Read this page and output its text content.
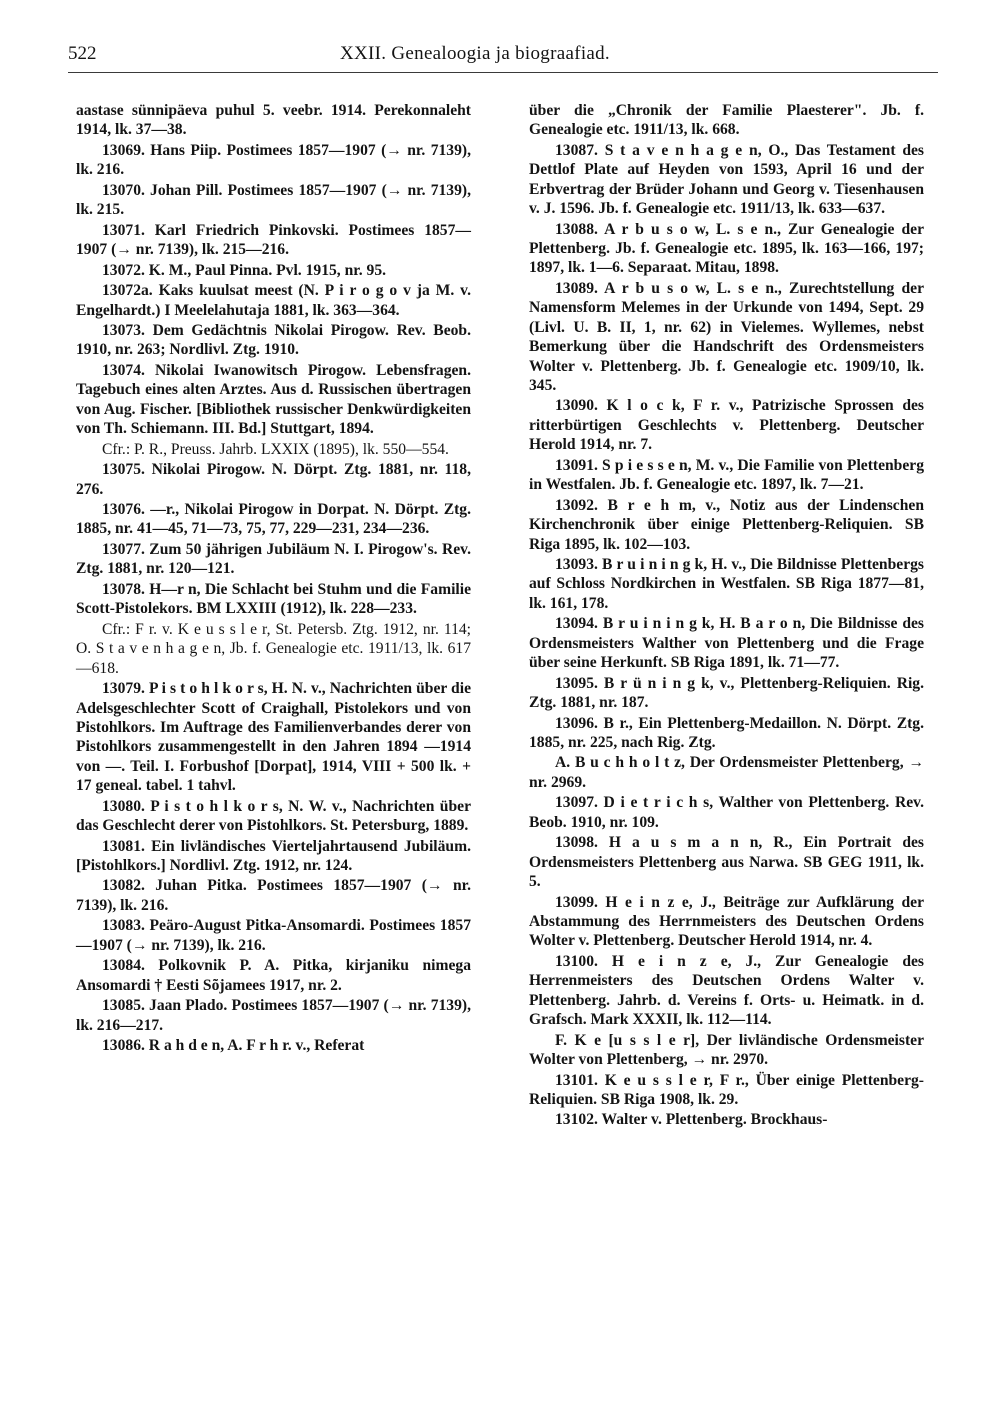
522	XXII. Genealoogia ja biograafiad.

aastase sünnipäeva puhul 5. veebr. 1914. Perekonnaleht 1914, lk. 37—38.

13069. Hans Piip. Postimees 1857—1907 (→ nr. 7139), lk. 216.

13070. Johan Pill. Postimees 1857—1907 (→ nr. 7139), lk. 215.

13071. Karl Friedrich Pinkovski. Postimees 1857—1907 (→ nr. 7139), lk. 215—216.

13072. K. M., Paul Pinna. Pvl. 1915, nr. 95.

13072a. Kaks kuulsat meest (N. P i r o g o v ja M. v. Engelhardt.) I Meelelahutaja 1881, lk. 363—364.

13073. Dem Gedächtnis Nikolai Pirogow. Rev. Beob. 1910, nr. 263; Nordlivl. Ztg. 1910.

13074. Nikolai Iwanowitsch Pirogow. Lebensfragen. Tagebuch eines alten Arztes. Aus d. Russischen übertragen von Aug. Fischer. [Bibliothek russischer Denkwürdigkeiten von Th. Schiemann. III. Bd.] Stuttgart, 1894.

Cfr.: P. R., Preuss. Jahrb. LXXIX (1895), lk. 550—554.

13075. Nikolai Pirogow. N. Dörpt. Ztg. 1881, nr. 118, 276.

13076. —r., Nikolai Pirogow in Dorpat. N. Dörpt. Ztg. 1885, nr. 41—45, 71—73, 75, 77, 229—231, 234—236.

13077. Zum 50 jährigen Jubiläum N. I. Pirogow's. Rev. Ztg. 1881, nr. 120—121.

13078. H—r n, Die Schlacht bei Stuhm und die Familie Scott-Pistolekors. BM LXXIII (1912), lk. 228—233.

Cfr.: F r. v. K e u s s l e r, St. Petersb. Ztg. 1912, nr. 114; O. S t a v e n h a g e n, Jb. f. Genealogie etc. 1911/13, lk. 617—618.

13079. P i s t o h l k o r s, H. N. v., Nachrichten über die Adelsgeschlechter Scott of Craighall, Pistolekors und von Pistohlkors. Im Auftrage des Familienverbandes derer von Pistohlkors zusammengestellt in den Jahren 1894 —1914 von —. Teil. I. Forbushof [Dorpat], 1914, VIII + 500 lk. + 17 geneal. tabel. 1 tahvl.

13080. P i s t o h l k o r s, N. W. v., Nachrichten über das Geschlecht derer von Pistohlkors. St. Petersburg, 1889.

13081. Ein livländisches Vierteljahrtausend Jubiläum. [Pistohlkors.] Nordlivl. Ztg. 1912, nr. 124.

13082. Juhan Pitka. Postimees 1857—1907 (→ nr. 7139), lk. 216.

13083. Peäro-August Pitka-Ansomardi. Postimees 1857—1907 (→ nr. 7139), lk. 216.

13084. Polkovnik P. A. Pitka, kirjaniku nimega Ansomardi † Eesti Sõjamees 1917, nr. 2.

13085. Jaan Plado. Postimees 1857—1907 (→ nr. 7139), lk. 216—217.

13086. R a h d e n, A. F r h r. v., Referat

über die „Chronik der Familie Plaesterer". Jb. f. Genealogie etc. 1911/13, lk. 668.

13087. S t a v e n h a g e n, O., Das Testament des Dettlof Plate auf Heyden von 1593, April 16 und der Erbvertrag der Brüder Johann und Georg v. Tiesenhausen v. J. 1596. Jb. f. Genealogie etc. 1911/13, lk. 633—637.

13088. A r b u s o w, L. s e n., Zur Genealogie der Plettenberg. Jb. f. Genealogie etc. 1895, lk. 163—166, 197; 1897, lk. 1—6. Separaat. Mitau, 1898.

13089. A r b u s o w, L. s e n., Zurechtstellung der Namensform Melemes in der Urkunde von 1494, Sept. 29 (Livl. U. B. II, 1, nr. 62) in Vielemes. Wyllemes, nebst Bemerkung über die Handschrift des Ordensmeisters Wolter v. Plettenberg. Jb. f. Genealogie etc. 1909/10, lk. 345.

13090. K l o c k, F r. v., Patrizische Sprossen des ritterbürtigen Geschlechts v. Plettenberg. Deutscher Herold 1914, nr. 7.

13091. S p i e s s e n, M. v., Die Familie von Plettenberg in Westfalen. Jb. f. Genealogie etc. 1897, lk. 7—21.

13092. B r e h m, v., Notiz aus der Lindenschen Kirchenchronik über einige Plettenberg-Reliquien. SB Riga 1895, lk. 102—103.

13093. B r u i n i n g k, H. v., Die Bildnisse Plettenbergs auf Schloss Nordkirchen in Westfalen. SB Riga 1877—81, lk. 161, 178.

13094. B r u i n i n g k, H. B a r o n, Die Bildnisse des Ordensmeisters Walther von Plettenberg und die Frage über seine Herkunft. SB Riga 1891, lk. 71—77.

13095. B r ü n i n g k, v., Plettenberg-Reliquien. Rig. Ztg. 1881, nr. 187.

13096. B r., Ein Plettenberg-Medaillon. N. Dörpt. Ztg. 1885, nr. 225, nach Rig. Ztg.

A. B u c h h o l t z, Der Ordensmeister Plettenberg, → nr. 2969.

13097. D i e t r i c h s, Walther von Plettenberg. Rev. Beob. 1910, nr. 109.

13098. H a u s m a n n, R., Ein Portrait des Ordensmeisters Plettenberg aus Narwa. SB GEG 1911, lk. 5.

13099. H e i n z e, J., Beiträge zur Aufklärung der Abstammung des Herrnmeisters des Deutschen Ordens Wolter v. Plettenberg. Deutscher Herold 1914, nr. 4.

13100. H e i n z e, J., Zur Genealogie des Herrenmeisters des Deutschen Ordens Walter v. Plettenberg. Jahrb. d. Vereins f. Orts- u. Heimatk. in d. Grafsch. Mark XXXII, lk. 112—114.

F. K e [u s s l e r], Der livländische Ordensmeister Wolter von Plettenberg, → nr. 2970.

13101. K e u s s l e r, F r., Über einige Plettenberg-Reliquien. SB Riga 1908, lk. 29.

13102. Walter v. Plettenberg. Brockhaus-
